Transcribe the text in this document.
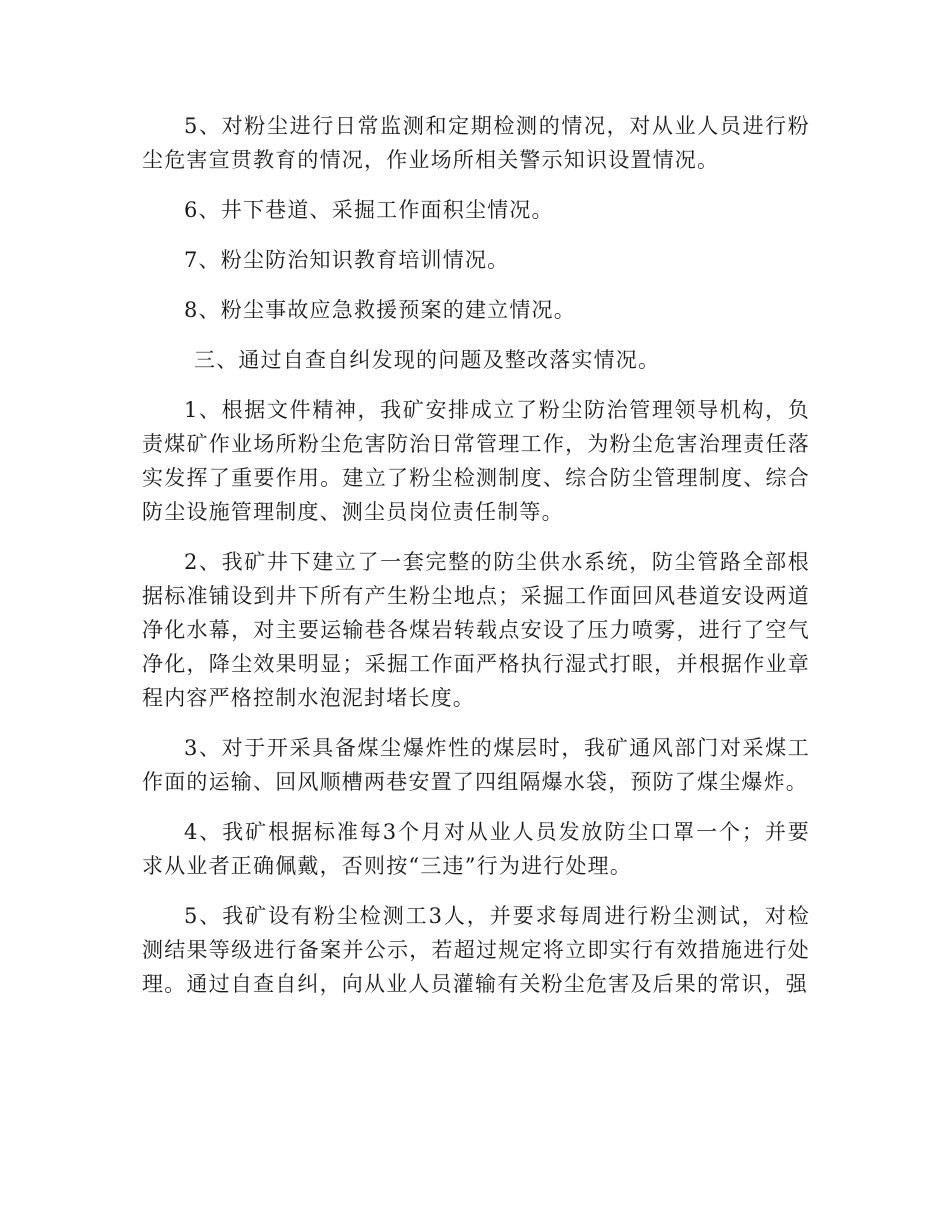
5、对粉尘进行日常监测和定期检测的情况，对从业人员进行粉尘危害宣贯教育的情况，作业场所相关警示知识设置情况。

6、井下巷道、采掘工作面积尘情况。

7、粉尘防治知识教育培训情况。

8、粉尘事故应急救援预案的建立情况。

三、通过自查自纠发现的问题及整改落实情况。

1、根据文件精神，我矿安排成立了粉尘防治管理领导机构，负责煤矿作业场所粉尘危害防治日常管理工作，为粉尘危害治理责任落实发挥了重要作用。建立了粉尘检测制度、综合防尘管理制度、综合防尘设施管理制度、测尘员岗位责任制等。

2、我矿井下建立了一套完整的防尘供水系统，防尘管路全部根据标准铺设到井下所有产生粉尘地点；采掘工作面回风巷道安设两道净化水幕，对主要运输巷各煤岩转载点安设了压力喷雾，进行了空气净化，降尘效果明显；采掘工作面严格执行湿式打眼，并根据作业章程内容严格控制水泡泥封堵长度。

3、对于开采具备煤尘爆炸性的煤层时，我矿通风部门对采煤工作面的运输、回风顺槽两巷安置了四组隔爆水袋，预防了煤尘爆炸。

4、我矿根据标准每3个月对从业人员发放防尘口罩一个；并要求从业者正确佩戴，否则按“三违”行为进行处理。

5、我矿设有粉尘检测工3人，并要求每周进行粉尘测试，对检测结果等级进行备案并公示，若超过规定将立即实行有效措施进行处理。通过自查自纠，向从业人员灌输有关粉尘危害及后果的常识，强
